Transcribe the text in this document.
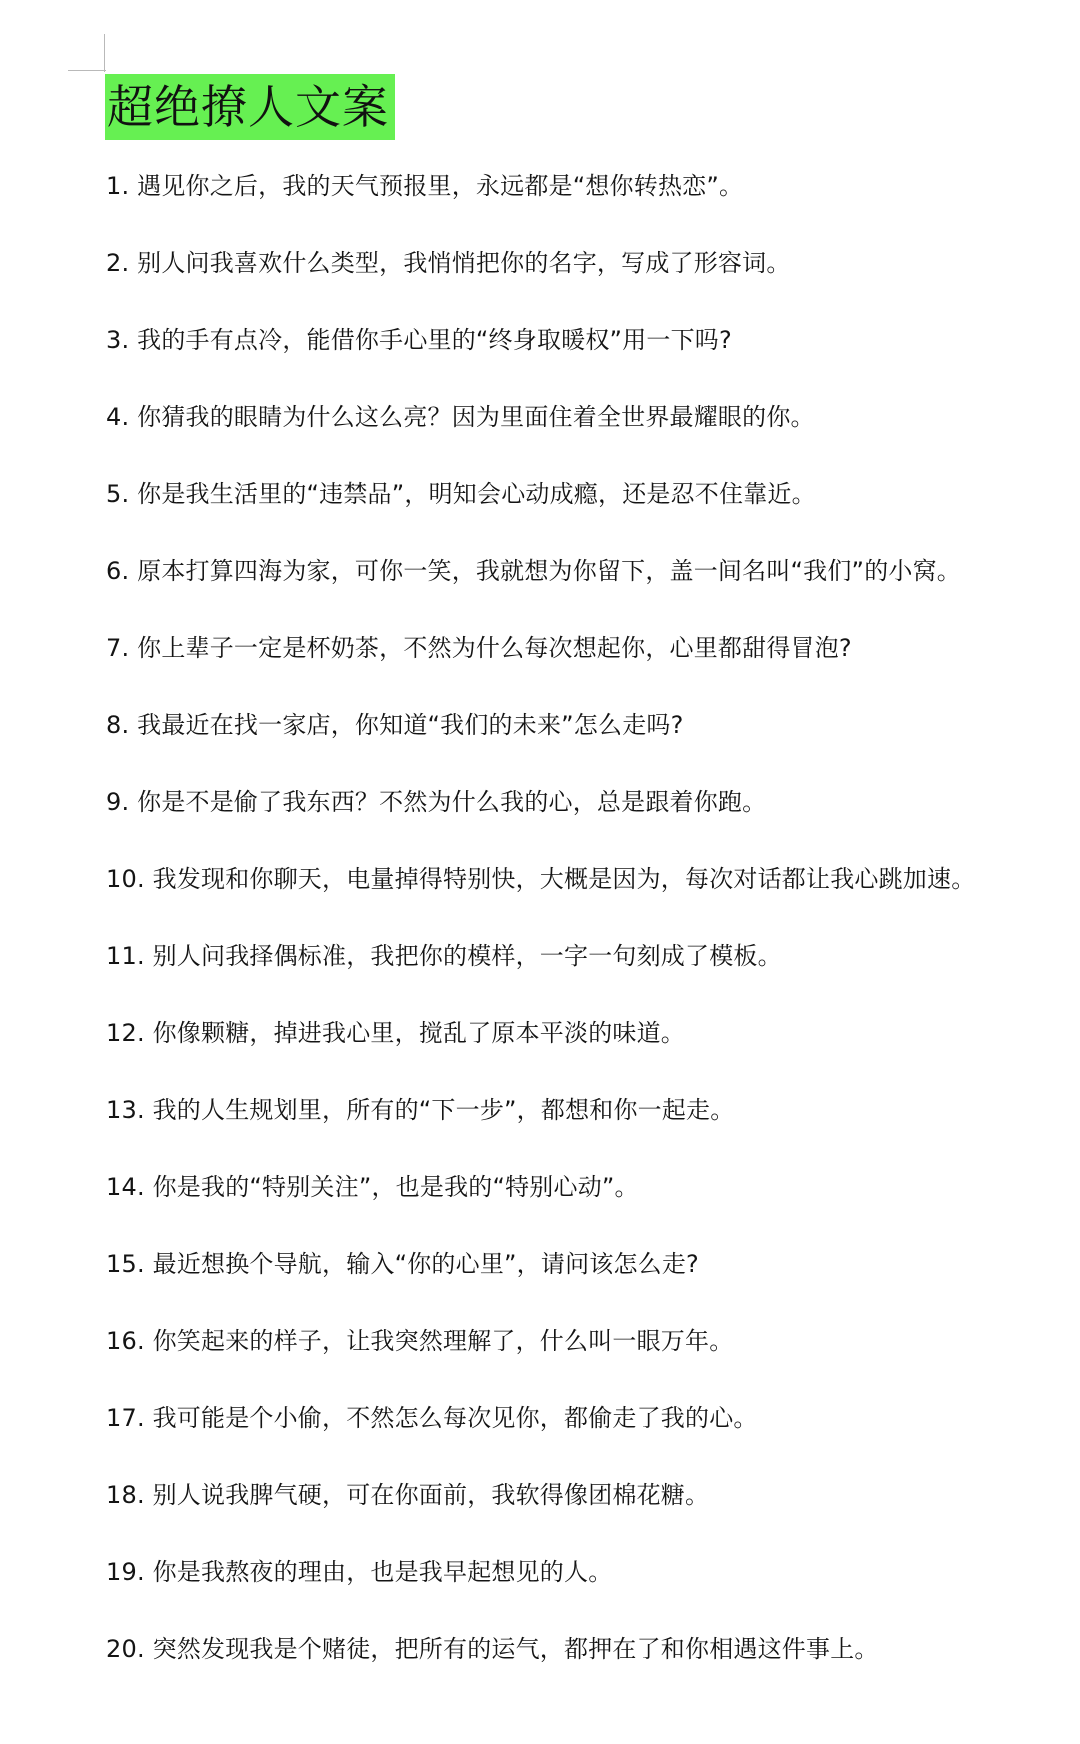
超绝撩人文案
1. 遇见你之后，我的天气预报里，永远都是“想你转热恋”。
2. 别人问我喜欢什么类型，我悄悄把你的名字，写成了形容词。
3. 我的手有点冷，能借你手心里的“终身取暖权”用一下吗?
4. 你猜我的眼睛为什么这么亮？因为里面住着全世界最耀眼的你。
5. 你是我生活里的“违禁品”，明知会心动成瘾，还是忍不住靠近。
6. 原本打算四海为家，可你一笑，我就想为你留下，盖一间名叫“我们”的小窝。
7. 你上辈子一定是杯奶茶，不然为什么每次想起你，心里都甜得冒泡?
8. 我最近在找一家店，你知道“我们的未来”怎么走吗?
9. 你是不是偷了我东西？不然为什么我的心，总是跟着你跑。
10. 我发现和你聊天，电量掉得特别快，大概是因为，每次对话都让我心跳加速。
11. 别人问我择偶标准，我把你的模样，一字一句刻成了模板。
12. 你像颗糖，掉进我心里，搅乱了原本平淡的味道。
13. 我的人生规划里，所有的“下一步”，都想和你一起走。
14. 你是我的“特别关注”，也是我的“特别心动”。
15. 最近想换个导航，输入“你的心里”，请问该怎么走?
16. 你笑起来的样子，让我突然理解了，什么叫一眼万年。
17. 我可能是个小偷，不然怎么每次见你，都偷走了我的心。
18. 别人说我脾气硬，可在你面前，我软得像团棉花糖。
19. 你是我熬夜的理由，也是我早起想见的人。
20. 突然发现我是个赌徒，把所有的运气，都押在了和你相遇这件事上。
